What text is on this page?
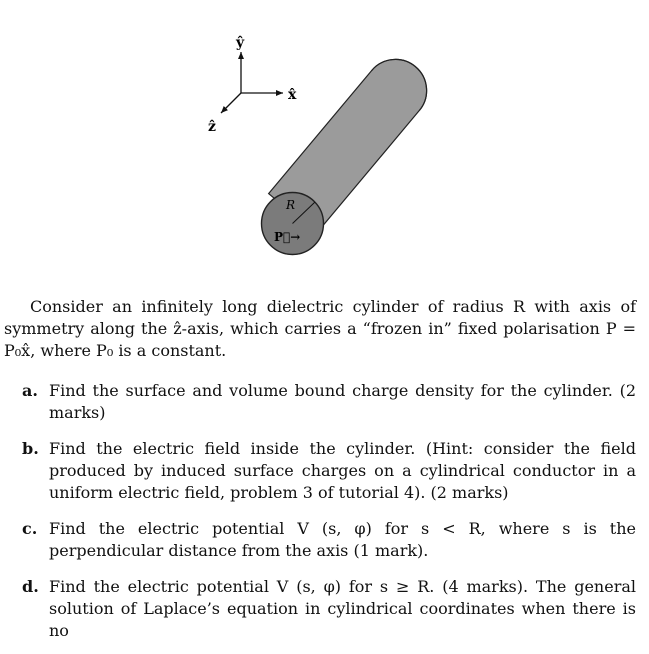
ŷ
x̂
ẑ
R
P⃗→
Consider an infinitely long dielectric cylinder of radius R with axis of symmetry along the ẑ-axis, which carries a “frozen in” fixed polarisation P = P₀x̂, where P₀ is a constant.
a. Find the surface and volume bound charge density for the cylinder. (2 marks)
b. Find the electric field inside the cylinder. (Hint: consider the field produced by induced surface charges on a cylindrical conductor in a uniform electric field, problem 3 of tutorial 4). (2 marks)
c. Find the electric potential V (s, φ) for s < R, where s is the perpendicular distance from the axis (1 mark).
d. Find the electric potential V (s, φ) for s ≥ R. (4 marks). The general solution of Laplace’s equation in cylindrical coordinates when there is no
